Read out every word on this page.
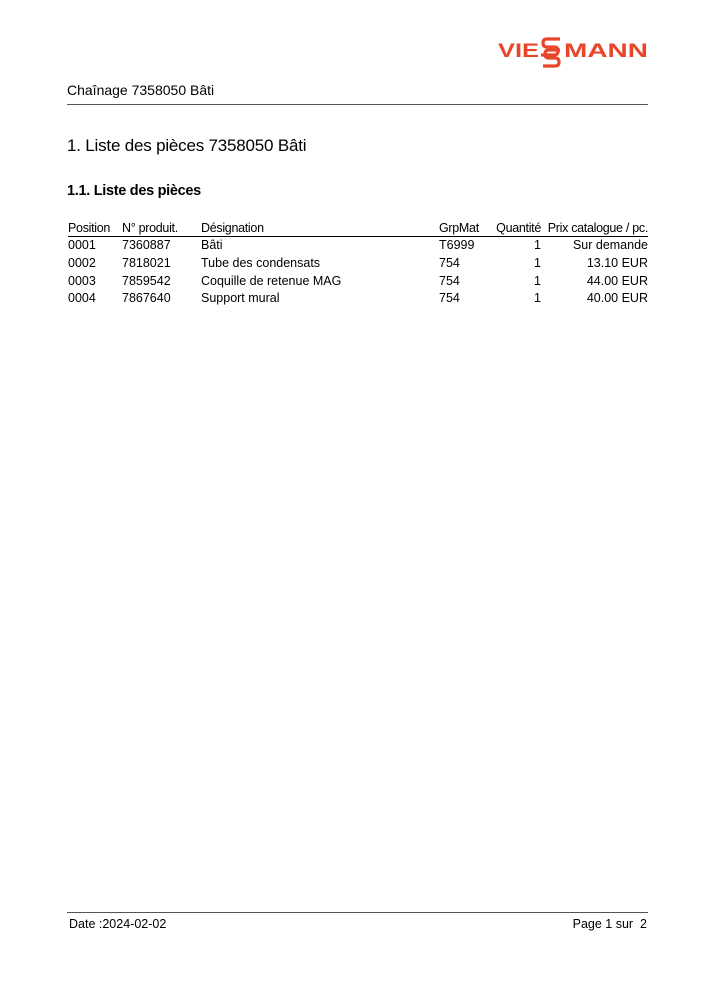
VIE MANN
Chaînage 7358050 Bâti
1. Liste des pièces 7358050 Bâti
1.1. Liste des pièces
Position	N° produit.	Désignation	GrpMat	Quantité	Prix catalogue / pc.
0001	7360887	Bâti	T6999	1	Sur demande
0002	7818021	Tube des condensats	754	1	13.10 EUR
0003	7859542	Coquille de retenue MAG	754	1	44.00 EUR
0004	7867640	Support mural	754	1	40.00 EUR
Date :2024-02-02	Page 1 sur 2
